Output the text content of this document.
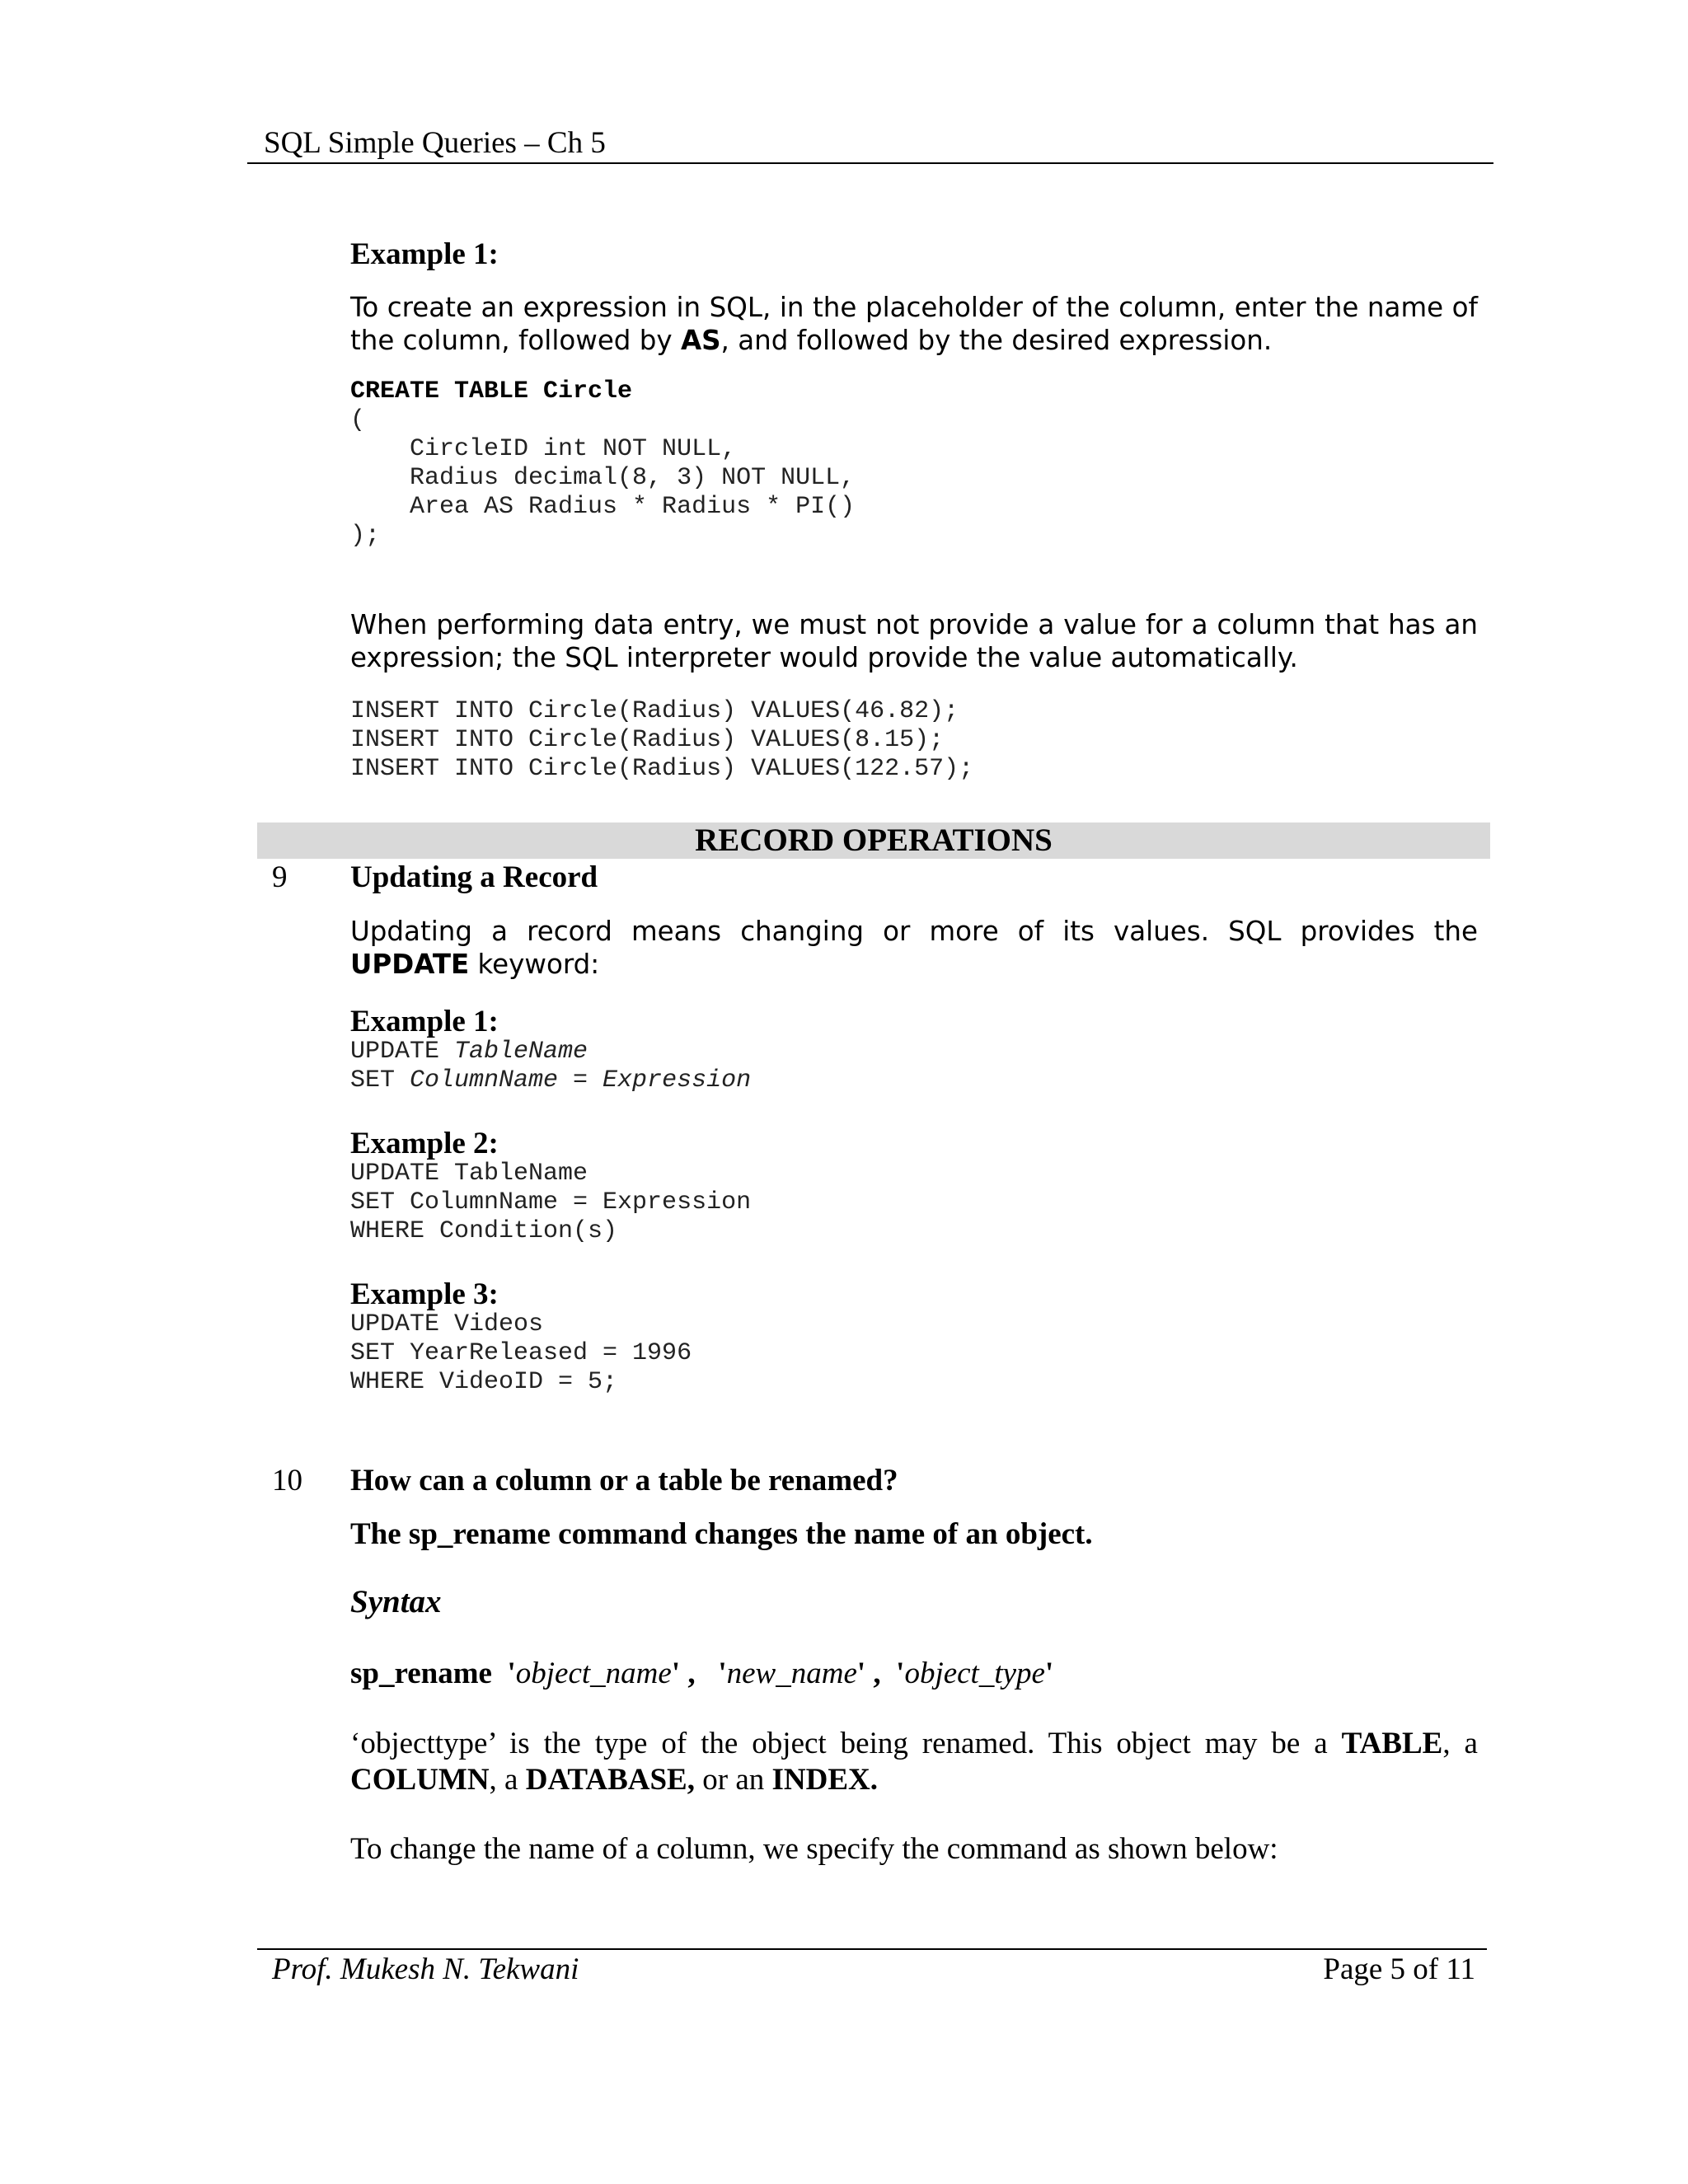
SQL Simple Queries – Ch 5
Example 1:
To create an expression in SQL, in the placeholder of the column, enter the name of the column, followed by AS, and followed by the desired expression.
CREATE TABLE Circle
(
CircleID int NOT NULL,
Radius decimal(8, 3) NOT NULL,
Area AS Radius * Radius * PI()
);
When performing data entry, we must not provide a value for a column that has an expression; the SQL interpreter would provide the value automatically.
INSERT INTO Circle(Radius) VALUES(46.82);
INSERT INTO Circle(Radius) VALUES(8.15);
INSERT INTO Circle(Radius) VALUES(122.57);
RECORD OPERATIONS
9 Updating a Record
Updating a record means changing or more of its values. SQL provides the UPDATE keyword:
Example 1:
UPDATE TableName
SET ColumnName = Expression
Example 2:
UPDATE TableName
SET ColumnName = Expression
WHERE Condition(s)
Example 3:
UPDATE Videos
SET YearReleased = 1996
WHERE VideoID = 5;
10 How can a column or a table be renamed?
The sp_rename command changes the name of an object.
Syntax
sp_rename 'object_name' , 'new_name' , 'object_type'
‘objecttype’ is the type of the object being renamed. This object may be a TABLE, a COLUMN, a DATABASE, or an INDEX.
To change the name of a column, we specify the command as shown below:
Prof. Mukesh N. Tekwani	Page 5 of 11
